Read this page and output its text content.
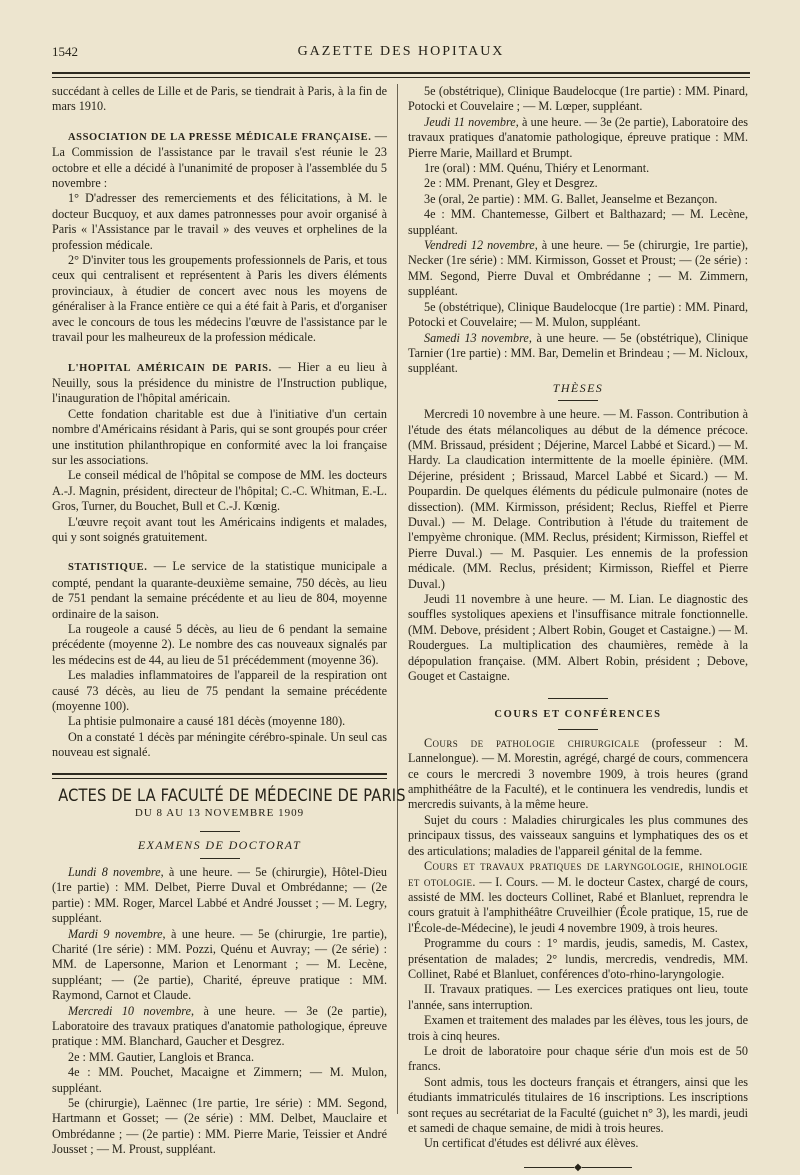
1542	GAZETTE DES HOPITAUX

succédant à celles de Lille et de Paris, se tiendrait à Paris, à la fin de mars 1910.

ASSOCIATION DE LA PRESSE MÉDICALE FRANÇAISE. — La Commission de l'assistance par le travail s'est réunie le 23 octobre et elle a décidé à l'unanimité de proposer à l'assemblée du 5 novembre :

1° D'adresser des remerciements et des félicitations, à M. le docteur Bucquoy, et aux dames patronnesses pour avoir organisé à Paris « l'Assistance par le travail » des veuves et orphelines de la profession médicale.

2° D'inviter tous les groupements professionnels de Paris, et tous ceux qui centralisent et représentent à Paris les divers éléments provinciaux, à étudier de concert avec nous les moyens de généraliser à la France entière ce qui a été fait à Paris, et d'organiser avec le concours de tous les médecins l'œuvre de l'assistance par le travail pour les malheureux de la profession médicale.

L'HOPITAL AMÉRICAIN DE PARIS. — Hier a eu lieu à Neuilly, sous la présidence du ministre de l'Instruction publique, l'inauguration de l'hôpital américain.

Cette fondation charitable est due à l'initiative d'un certain nombre d'Américains résidant à Paris, qui se sont groupés pour créer une institution philanthropique en conformité avec la loi française sur les associations.

Le conseil médical de l'hôpital se compose de MM. les docteurs A.-J. Magnin, président, directeur de l'hôpital; C.-C. Whitman, E.-L. Gros, Turner, du Bouchet, Bull et C.-J. Kœnig.

L'œuvre reçoit avant tout les Américains indigents et malades, qui y sont soignés gratuitement.

STATISTIQUE. — Le service de la statistique municipale a compté, pendant la quarante-deuxième semaine, 750 décès, au lieu de 751 pendant la semaine précédente et au lieu de 804, moyenne ordinaire de la saison.

La rougeole a causé 5 décès, au lieu de 6 pendant la semaine précédente (moyenne 2). Le nombre des cas nouveaux signalés par les médecins est de 44, au lieu de 51 précédemment (moyenne 36).

Les maladies inflammatoires de l'appareil de la respiration ont causé 73 décès, au lieu de 75 pendant la semaine précédente (moyenne 100).

La phtisie pulmonaire a causé 181 décès (moyenne 180).

On a constaté 1 décès par méningite cérébro-spinale. Un seul cas nouveau est signalé.

ACTES DE LA FACULTÉ DE MÉDECINE DE PARIS
DU 8 AU 13 NOVEMBRE 1909
EXAMENS DE DOCTORAT

Lundi 8 novembre, à une heure. — 5e (chirurgie), Hôtel-Dieu (1re partie) : MM. Delbet, Pierre Duval et Ombrédanne; — (2e partie) : MM. Roger, Marcel Labbé et André Jousset ; — M. Legry, suppléant.

Mardi 9 novembre, à une heure. — 5e (chirurgie, 1re partie), Charité (1re série) : MM. Pozzi, Quénu et Auvray; — (2e série) : MM. de Lapersonne, Marion et Lenormant ; — M. Lecène, suppléant; — (2e partie), Charité, épreuve pratique : MM. Raymond, Carnot et Claude.

Mercredi 10 novembre, à une heure. — 3e (2e partie), Laboratoire des travaux pratiques d'anatomie pathologique, épreuve pratique : MM. Blanchard, Gaucher et Desgrez.

2e : MM. Gautier, Langlois et Branca.

4e : MM. Pouchet, Macaigne et Zimmern; — M. Mulon, suppléant.

5e (chirurgie), Laënnec (1re partie, 1re série) : MM. Segond, Hartmann et Gosset; — (2e série) : MM. Delbet, Mauclaire et Ombrédanne ; — (2e partie) : MM. Pierre Marie, Teissier et André Jousset ; — M. Proust, suppléant.

5e (obstétrique), Clinique Baudelocque (1re partie) : MM. Pinard, Potocki et Couvelaire ; — M. Lœper, suppléant.

Jeudi 11 novembre, à une heure. — 3e (2e partie), Laboratoire des travaux pratiques d'anatomie pathologique, épreuve pratique : MM. Pierre Marie, Maillard et Brumpt.

1re (oral) : MM. Quénu, Thiéry et Lenormant.

2e : MM. Prenant, Gley et Desgrez.

3e (oral, 2e partie) : MM. G. Ballet, Jeanselme et Bezançon.

4e : MM. Chantemesse, Gilbert et Balthazard; — M. Lecène, suppléant.

Vendredi 12 novembre, à une heure. — 5e (chirurgie, 1re partie), Necker (1re série) : MM. Kirmisson, Gosset et Proust; — (2e série) : MM. Segond, Pierre Duval et Ombrédanne ; — M. Zimmern, suppléant.

5e (obstétrique), Clinique Baudelocque (1re partie) : MM. Pinard, Potocki et Couvelaire; — M. Mulon, suppléant.

Samedi 13 novembre, à une heure. — 5e (obstétrique), Clinique Tarnier (1re partie) : MM. Bar, Demelin et Brindeau ; — M. Nicloux, suppléant.

THÈSES

Mercredi 10 novembre à une heure. — M. Fasson. Contribution à l'étude des états mélancoliques au début de la démence précoce. (MM. Brissaud, président ; Déjerine, Marcel Labbé et Sicard.) — M. Hardy. La claudication intermittente de la moelle épinière. (MM. Déjerine, président ; Brissaud, Marcel Labbé et Sicard.) — M. Poupardin. De quelques éléments du pédicule pulmonaire (notes de dissection). (MM. Kirmisson, président; Reclus, Rieffel et Pierre Duval.) — M. Delage. Contribution à l'étude du traitement de l'empyème chronique. (MM. Reclus, président; Kirmisson, Rieffel et Pierre Duval.) — M. Pasquier. Les ennemis de la profession médicale. (MM. Reclus, président; Kirmisson, Rieffel et Pierre Duval.)

Jeudi 11 novembre à une heure. — M. Lian. Le diagnostic des souffles systoliques apexiens et l'insuffisance mitrale fonctionnelle. (MM. Debove, président ; Albert Robin, Gouget et Castaigne.) — M. Roudergues. La multiplication des chaumières, remède à la dépopulation française. (MM. Albert Robin, président ; Debove, Gouget et Castaigne.

COURS ET CONFÉRENCES

Cours de pathologie chirurgicale (professeur : M. Lannelongue). — M. Morestin, agrégé, chargé de cours, commencera ce cours le mercredi 3 novembre 1909, à trois heures (grand amphithéâtre de la Faculté), et le continuera les vendredis, lundis et mercredis suivants, à la même heure.

Sujet du cours : Maladies chirurgicales les plus communes des principaux tissus, des vaisseaux sanguins et lymphatiques des os et des articulations; maladies de l'appareil génital de la femme.

Cours et travaux pratiques de laryngologie, rhinologie et otologie. — I. Cours. — M. le docteur Castex, chargé de cours, assisté de MM. les docteurs Collinet, Rabé et Blanluet, reprendra le cours gratuit à l'amphithéâtre Cruveilhier (École pratique, 15, rue de l'École-de-Médecine), le jeudi 4 novembre 1909, à trois heures.

Programme du cours : 1° mardis, jeudis, samedis, M. Castex, présentation de malades; 2° lundis, mercredis, vendredis, MM. Collinet, Rabé et Blanluet, conférences d'oto-rhino-laryngologie.

II. Travaux pratiques. — Les exercices pratiques ont lieu, toute l'année, sans interruption.

Examen et traitement des malades par les élèves, tous les jours, de trois à cinq heures.

Le droit de laboratoire pour chaque série d'un mois est de 50 francs.

Sont admis, tous les docteurs français et étrangers, ainsi que les étudiants immatriculés titulaires de 16 inscriptions. Les inscriptions sont reçues au secrétariat de la Faculté (guichet n° 3), les mardi, jeudi et samedi de chaque semaine, de midi à trois heures.

Un certificat d'études est délivré aux élèves.

◆
